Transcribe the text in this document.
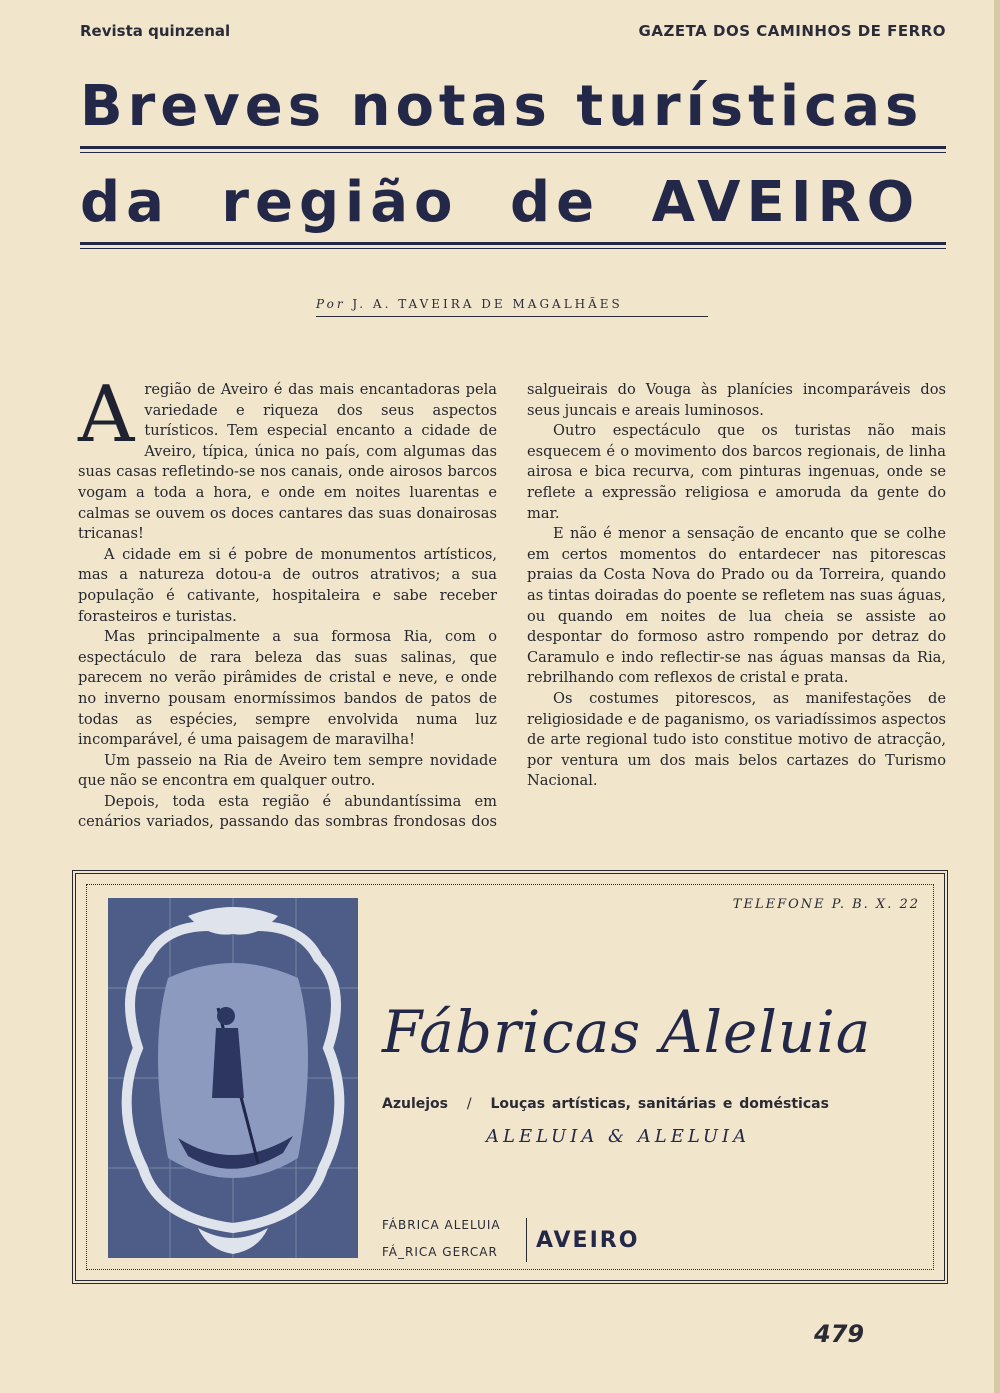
Revista quinzenal	GAZETA DOS CAMINHOS DE FERRO
Breves notas turísticas
da região de AVEIRO
Por J. A. TAVEIRA DE MAGALHÃES

Aregião de Aveiro é das mais encantadoras pela variedade e riqueza dos seus aspectos turísticos. Tem especial encanto a cidade de Aveiro, típica, única no país, com algumas das suas casas refletindo-se nos canais, onde airosos barcos vogam a toda a hora, e onde em noites luarentas e calmas se ouvem os doces cantares das suas donairosas tricanas!

A cidade em si é pobre de monumentos artísticos, mas a natureza dotou-a de outros atrativos; a sua população é cativante, hospitaleira e sabe receber forasteiros e turistas.

Mas principalmente a sua formosa Ria, com o espectáculo de rara beleza das suas salinas, que parecem no verão pirâmides de cristal e neve, e onde no inverno pousam enormíssimos bandos de patos de todas as espécies, sempre envolvida numa luz incomparável, é uma paisagem de maravilha!

Um passeio na Ria de Aveiro tem sempre novidade que não se encontra em qualquer outro.

Depois, toda esta região é abundantíssima em cenários variados, passando das sombras frondosas dos salgueirais do Vouga às planícies incomparáveis dos seus juncais e areais luminosos.

Outro espectáculo que os turistas não mais esquecem é o movimento dos barcos regionais, de linha airosa e bica recurva, com pinturas ingenuas, onde se reflete a expressão religiosa e amoruda da gente do mar.

E não é menor a sensação de encanto que se colhe em certos momentos do entardecer nas pitorescas praias da Costa Nova do Prado ou da Torreira, quando as tintas doiradas do poente se refletem nas suas águas, ou quando em noites de lua cheia se assiste ao despontar do formoso astro rompendo por detraz do Caramulo e indo reflectir-se nas águas mansas da Ria, rebrilhando com reflexos de cristal e prata.

Os costumes pitorescos, as manifestações de religiosidade e de paganismo, os variadíssimos aspectos de arte regional tudo isto constitue motivo de atracção, por ventura um dos mais belos cartazes do Turismo Nacional.

TELEFONE P. B. X. 22
Fábricas Aleluia
Azulejos / Louças artísticas, sanitárias e domésticas
ALELUIA & ALELUIA
FÁBRICA ALELUIA
FÁ_RICA GERCAR AVEIRO
479
